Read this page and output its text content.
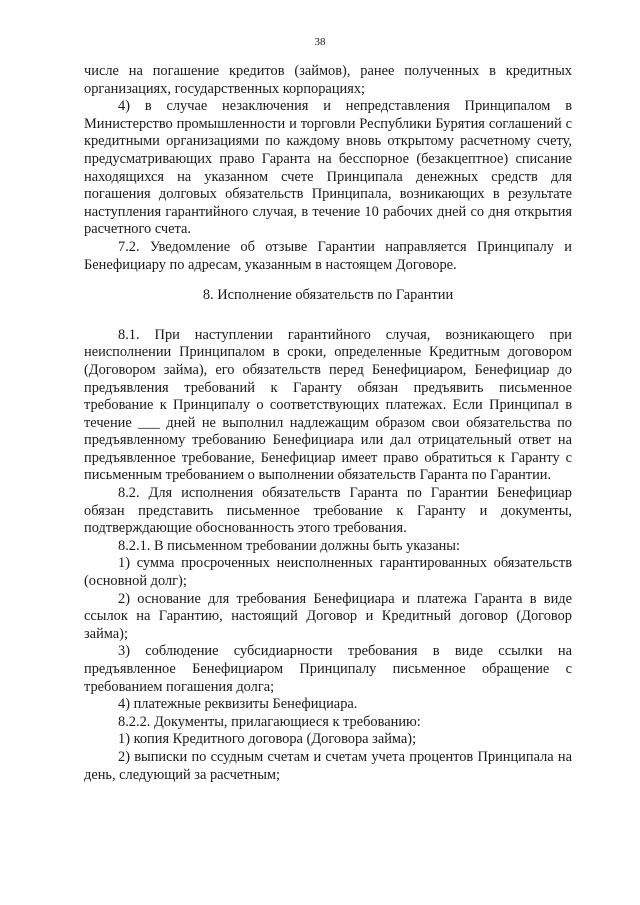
38

числе на погашение кредитов (займов), ранее полученных в кредитных организациях, государственных корпорациях;

4) в случае незаключения и непредставления Принципалом в Министерство промышленности и торговли Республики Бурятия соглашений с кредитными организациями по каждому вновь открытому расчетному счету, предусматривающих право Гаранта на бесспорное (безакцептное) списание находящихся на указанном счете Принципала денежных средств для погашения долговых обязательств Принципала, возникающих в результате наступления гарантийного случая, в течение 10 рабочих дней со дня открытия расчетного счета.

7.2. Уведомление об отзыве Гарантии направляется Принципалу и Бенефициару по адресам, указанным в настоящем Договоре.

8. Исполнение обязательств по Гарантии

8.1. При наступлении гарантийного случая, возникающего при неисполнении Принципалом в сроки, определенные Кредитным договором (Договором займа), его обязательств перед Бенефициаром, Бенефициар до предъявления требований к Гаранту обязан предъявить письменное требование к Принципалу о соответствующих платежах. Если Принципал в течение ___ дней не выполнил надлежащим образом свои обязательства по предъявленному требованию Бенефициара или дал отрицательный ответ на предъявленное требование, Бенефициар имеет право обратиться к Гаранту с письменным требованием о выполнении обязательств Гаранта по Гарантии.

8.2. Для исполнения обязательств Гаранта по Гарантии Бенефициар обязан представить письменное требование к Гаранту и документы, подтверждающие обоснованность этого требования.

8.2.1. В письменном требовании должны быть указаны:

1) сумма просроченных неисполненных гарантированных обязательств (основной долг);

2) основание для требования Бенефициара и платежа Гаранта в виде ссылок на Гарантию, настоящий Договор и Кредитный договор (Договор займа);

3) соблюдение субсидиарности требования в виде ссылки на предъявленное Бенефициаром Принципалу письменное обращение с требованием погашения долга;

4) платежные реквизиты Бенефициара.

8.2.2. Документы, прилагающиеся к требованию:

1) копия Кредитного договора (Договора займа);

2) выписки по ссудным счетам и счетам учета процентов Принципала на день, следующий за расчетным;
